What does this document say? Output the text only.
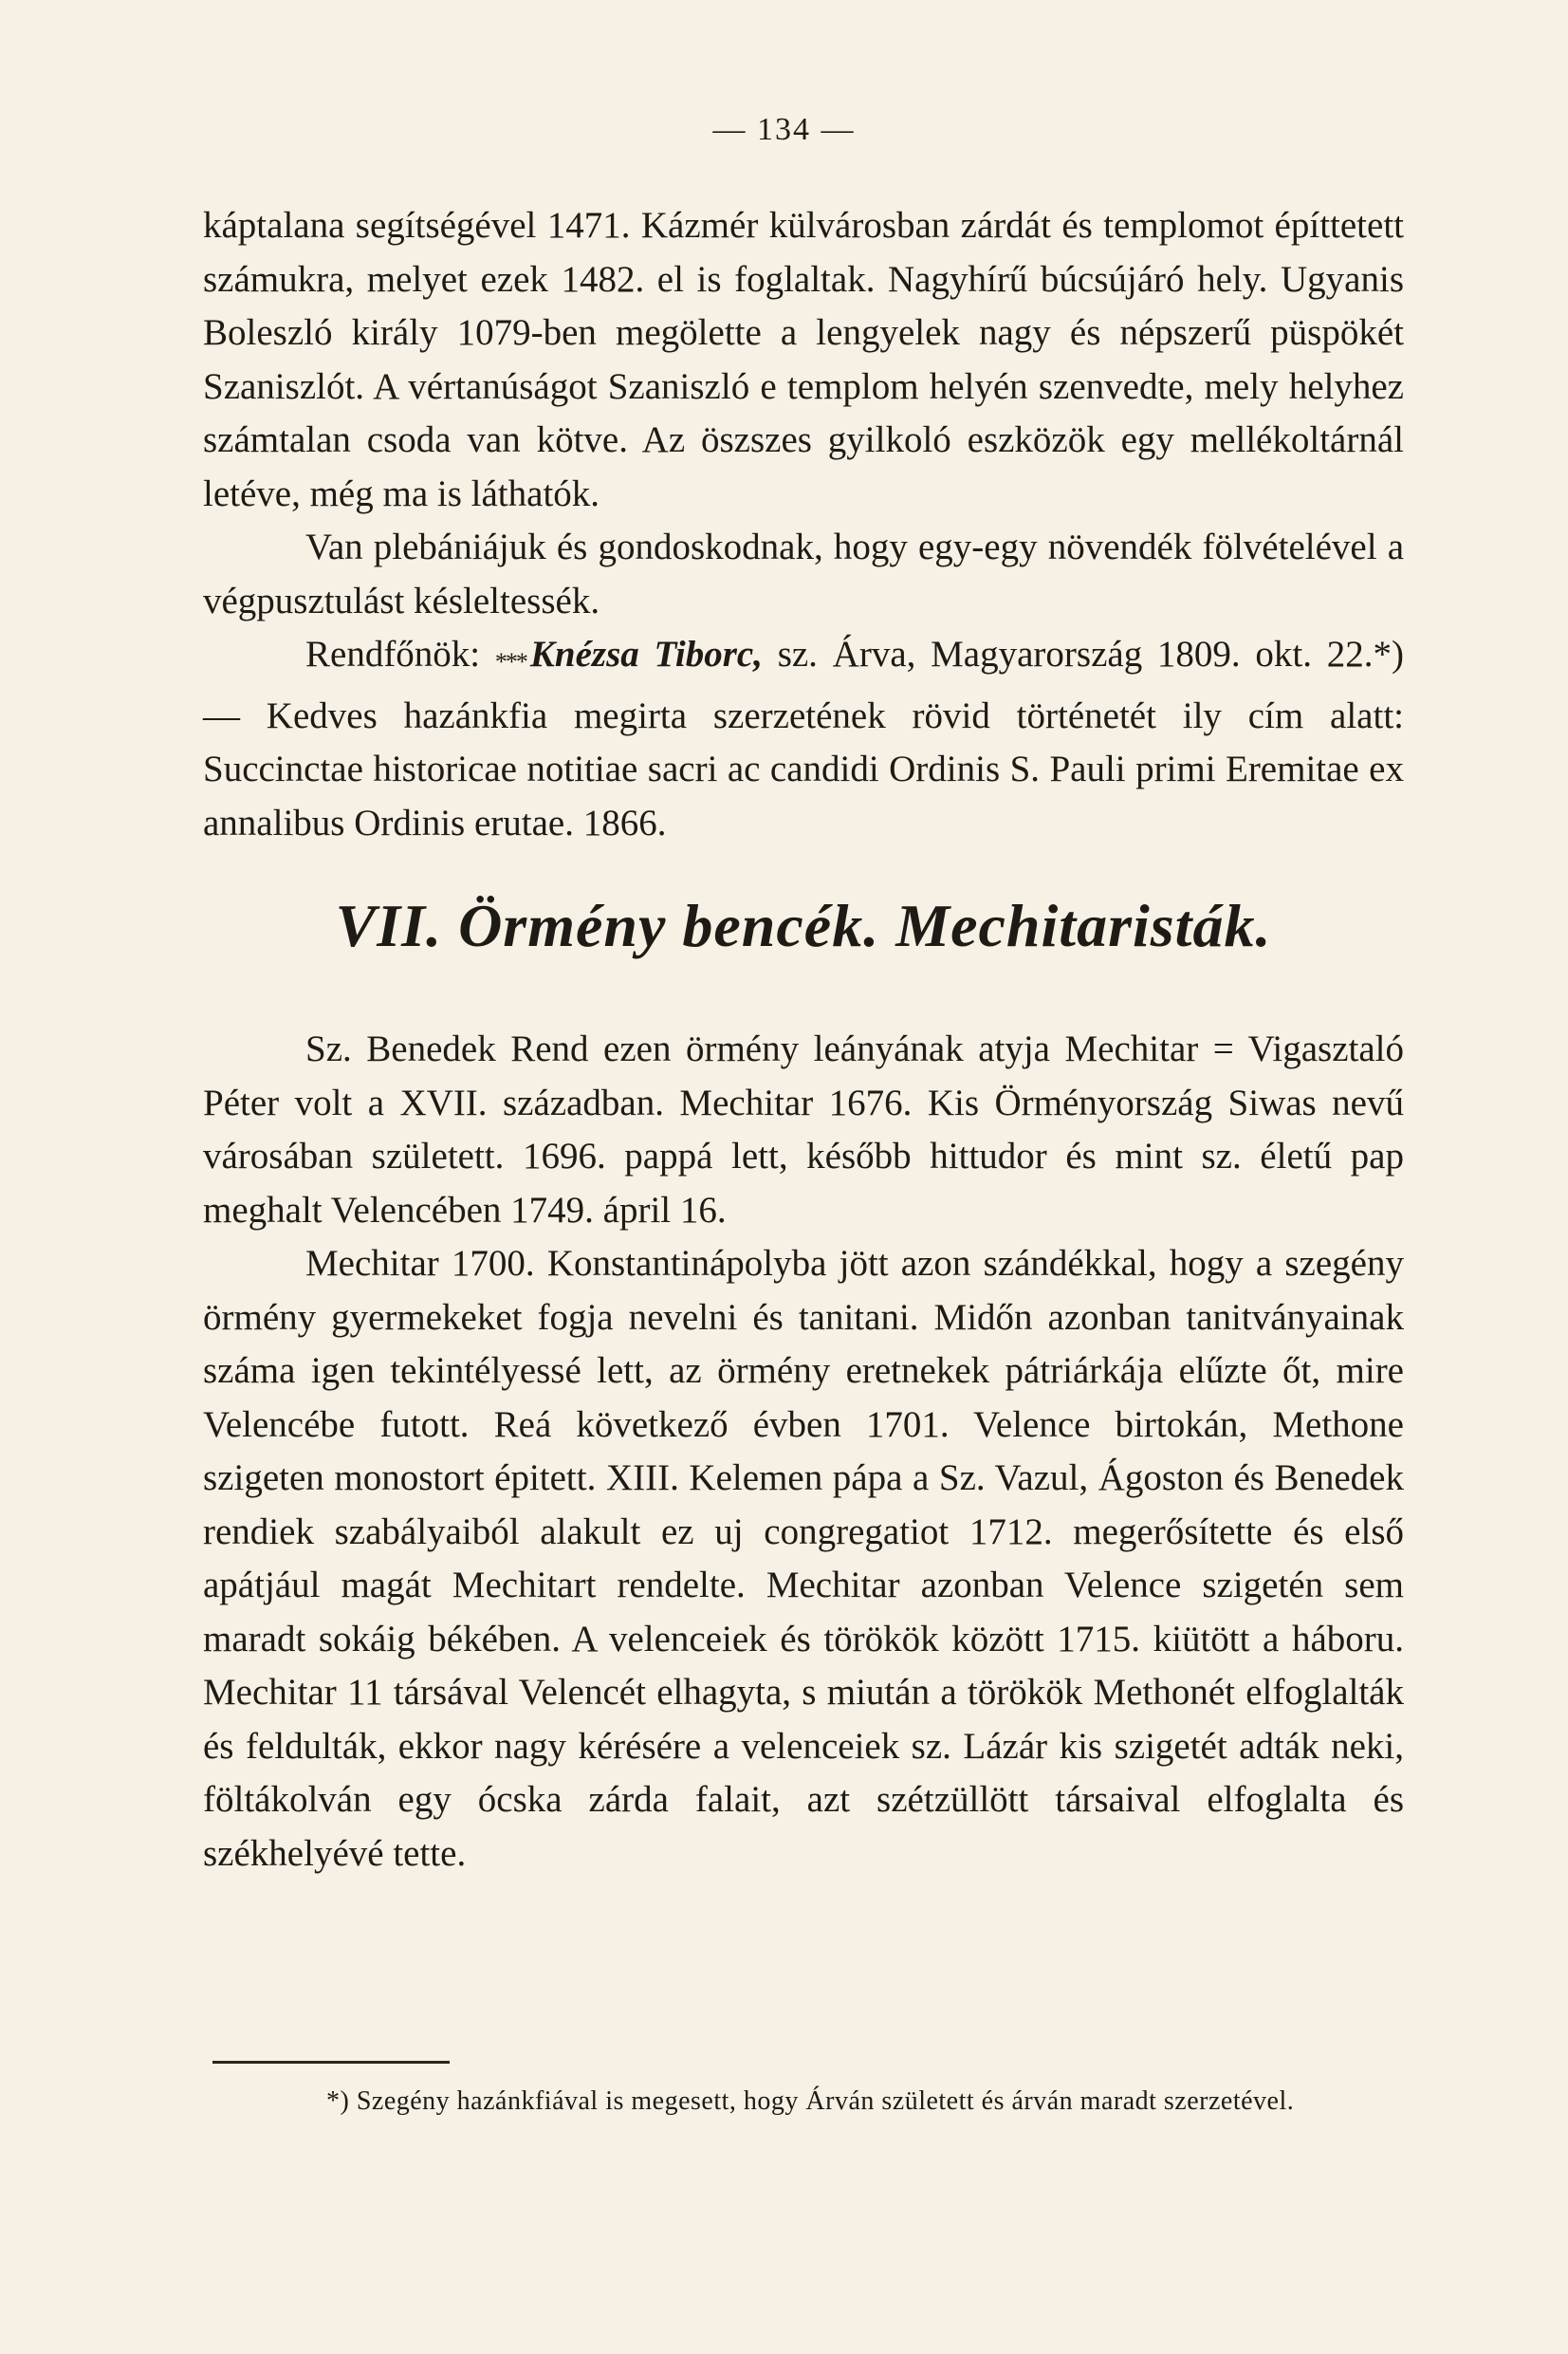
— 134 —

káptalana segítségével 1471. Kázmér külvárosban zárdát és templomot építtetett számukra, melyet ezek 1482. el is foglaltak. Nagyhírű búcsújáró hely. Ugyanis Boleszló király 1079-ben megölette a lengyelek nagy és népszerű püspökét Szaniszlót. A vértanúságot Szaniszló e templom helyén szenvedte, mely helyhez számtalan csoda van kötve. Az öszszes gyilkoló eszközök egy mellékoltárnál letéve, még ma is láthatók.

Van plebániájuk és gondoskodnak, hogy egy-egy növendék fölvételével a végpusztulást késleltessék.

Rendfőnök: *** Knézsa Tiborc, sz. Árva, Magyarország 1809. okt. 22.*) — Kedves hazánkfia megirta szerzetének rövid történetét ily cím alatt: Succinctae historicae notitiae sacri ac candidi Ordinis S. Pauli primi Eremitae ex annalibus Ordinis erutae. 1866.

VII. Örmény bencék. Mechitaristák.

Sz. Benedek Rend ezen örmény leányának atyja Mechitar = Vigasztaló Péter volt a XVII. században. Mechitar 1676. Kis Örményország Siwas nevű városában született. 1696. pappá lett, később hittudor és mint sz. életű pap meghalt Velencében 1749. ápril 16.

Mechitar 1700. Konstantinápolyba jött azon szándékkal, hogy a szegény örmény gyermekeket fogja nevelni és tanitani. Midőn azonban tanitványainak száma igen tekintélyessé lett, az örmény eretnekek pátriárkája elűzte őt, mire Velencébe futott. Reá következő évben 1701. Velence birtokán, Methone szigeten monostort épitett. XIII. Kelemen pápa a Sz. Vazul, Ágoston és Benedek rendiek szabályaiból alakult ez uj congregatiot 1712. megerősítette és első apátjául magát Mechitart rendelte. Mechitar azonban Velence szigetén sem maradt sokáig békében. A velenceiek és törökök között 1715. kiütött a háboru. Mechitar 11 társával Velencét elhagyta, s miután a törökök Methonét elfoglalták és feldulták, ekkor nagy kérésére a velenceiek sz. Lázár kis szigetét adták neki, föltákolván egy ócska zárda falait, azt szétzüllött társaival elfoglalta és székhelyévé tette.

*) Szegény hazánkfiával is megesett, hogy Árván született és árván maradt szerzetével.
